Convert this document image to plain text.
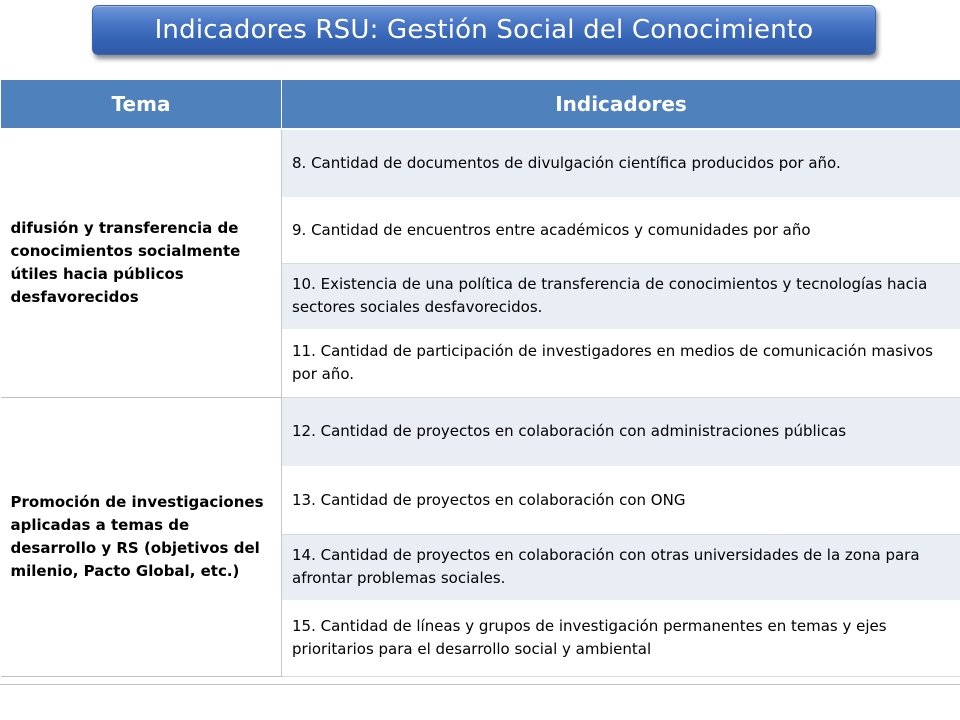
Indicadores RSU: Gestión Social del Conocimiento
Tema	Indicadores
difusión y transferencia de conocimientos socialmente útiles hacia públicos desfavorecidos	8. Cantidad de documentos de divulgación científica producidos por año.
	9. Cantidad de encuentros entre académicos y comunidades por año
	10. Existencia de una política de transferencia de conocimientos y tecnologías hacia sectores sociales desfavorecidos.
	11. Cantidad de participación de investigadores en medios de comunicación masivos por año.
Promoción de investigaciones aplicadas a temas de desarrollo y RS (objetivos del milenio, Pacto Global, etc.)	12. Cantidad de proyectos en colaboración con administraciones públicas
	13. Cantidad de proyectos en colaboración con ONG
	14. Cantidad de proyectos en colaboración con otras universidades de la zona para afrontar problemas sociales.
	15. Cantidad de líneas y grupos de investigación permanentes en temas y ejes prioritarios para el desarrollo social y ambiental
